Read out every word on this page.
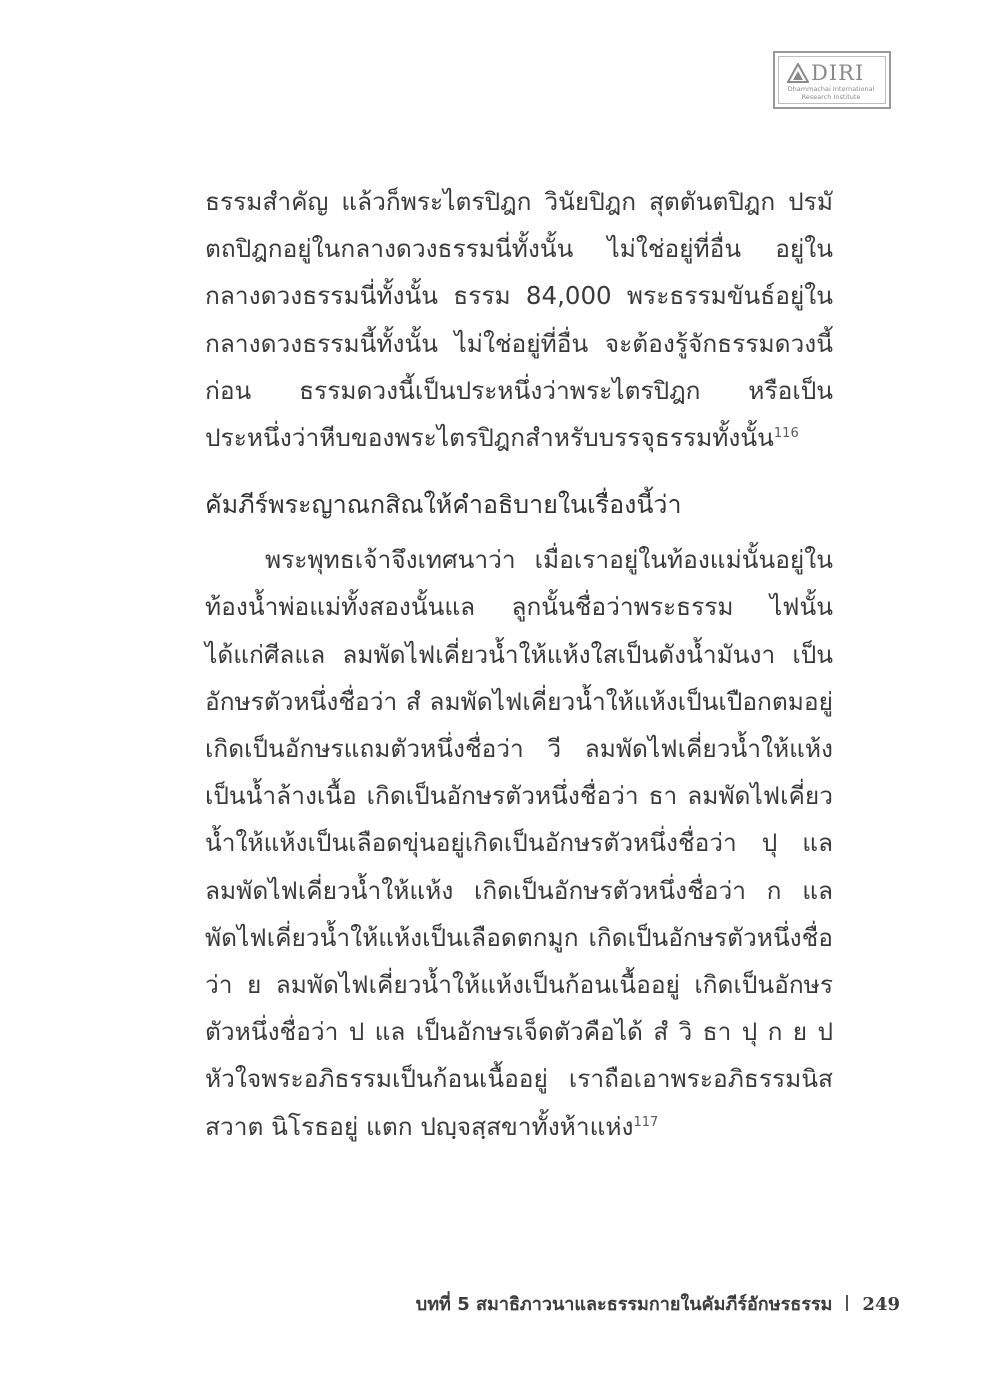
DIRI
Dhammachai International
Research Institute

ธรรมสำคัญ แล้วก็พระไตรปิฎก วินัยปิฎก สุตตันตปิฎก ปรมัตถปิฎกอยู่ในกลางดวงธรรมนี่ทั้งนั้น ไม่ใช่อยู่ที่อื่น อยู่ในกลางดวงธรรมนี่ทั้งนั้น ธรรม 84,000 พระธรรมขันธ์อยู่ในกลางดวงธรรมนี้ทั้งนั้น ไม่ใช่อยู่ที่อื่น จะต้องรู้จักธรรมดวงนี้ก่อน ธรรมดวงนี้เป็นประหนึ่งว่าพระไตรปิฎก หรือเป็นประหนึ่งว่าหีบของพระไตรปิฎกสำหรับบรรจุธรรมทั้งนั้น$^{116}$

คัมภีร์พระญาณกสิณให้คำอธิบายในเรื่องนี้ว่า

พระพุทธเจ้าจึงเทศนาว่า เมื่อเราอยู่ในท้องแม่นั้นอยู่ในท้องน้ำพ่อแม่ทั้งสองนั้นแล ลูกนั้นชื่อว่าพระธรรม ไฟนั้นได้แก่ศีลแล ลมพัดไฟเคี่ยวน้ำให้แห้งใสเป็นดังน้ำมันงา เป็นอักษรตัวหนึ่งชื่อว่า สํ ลมพัดไฟเคี่ยวน้ำให้แห้งเป็นเปือกตมอยู่ เกิดเป็นอักษรแถมตัวหนึ่งชื่อว่า วี ลมพัดไฟเคี่ยวน้ำให้แห้งเป็นน้ำล้างเนื้อ เกิดเป็นอักษรตัวหนึ่งชื่อว่า ธา ลมพัดไฟเคี่ยวน้ำให้แห้งเป็นเลือดขุ่นอยู่เกิดเป็นอักษรตัวหนึ่งชื่อว่า ปุ แล ลมพัดไฟเคี่ยวน้ำให้แห้ง เกิดเป็นอักษรตัวหนึ่งชื่อว่า ก แล พัดไฟเคี่ยวน้ำให้แห้งเป็นเลือดตกมูก เกิดเป็นอักษรตัวหนึ่งชื่อว่า ย ลมพัดไฟเคี่ยวน้ำให้แห้งเป็นก้อนเนื้ออยู่ เกิดเป็นอักษรตัวหนึ่งชื่อว่า ป แล เป็นอักษรเจ็ดตัวคือได้ สํ วิ ธา ปุ ก ย ป หัวใจพระอภิธรรมเป็นก้อนเนื้ออยู่ เราถือเอาพระอภิธรรมนิสสวาต นิโรธอยู่ แตก ปญฺจสฺสขาทั้งห้าแห่ง$^{117}$

บทที่ 5 สมาธิภาวนาและธรรมกายในคัมภีร์อักษรธรรม 249
